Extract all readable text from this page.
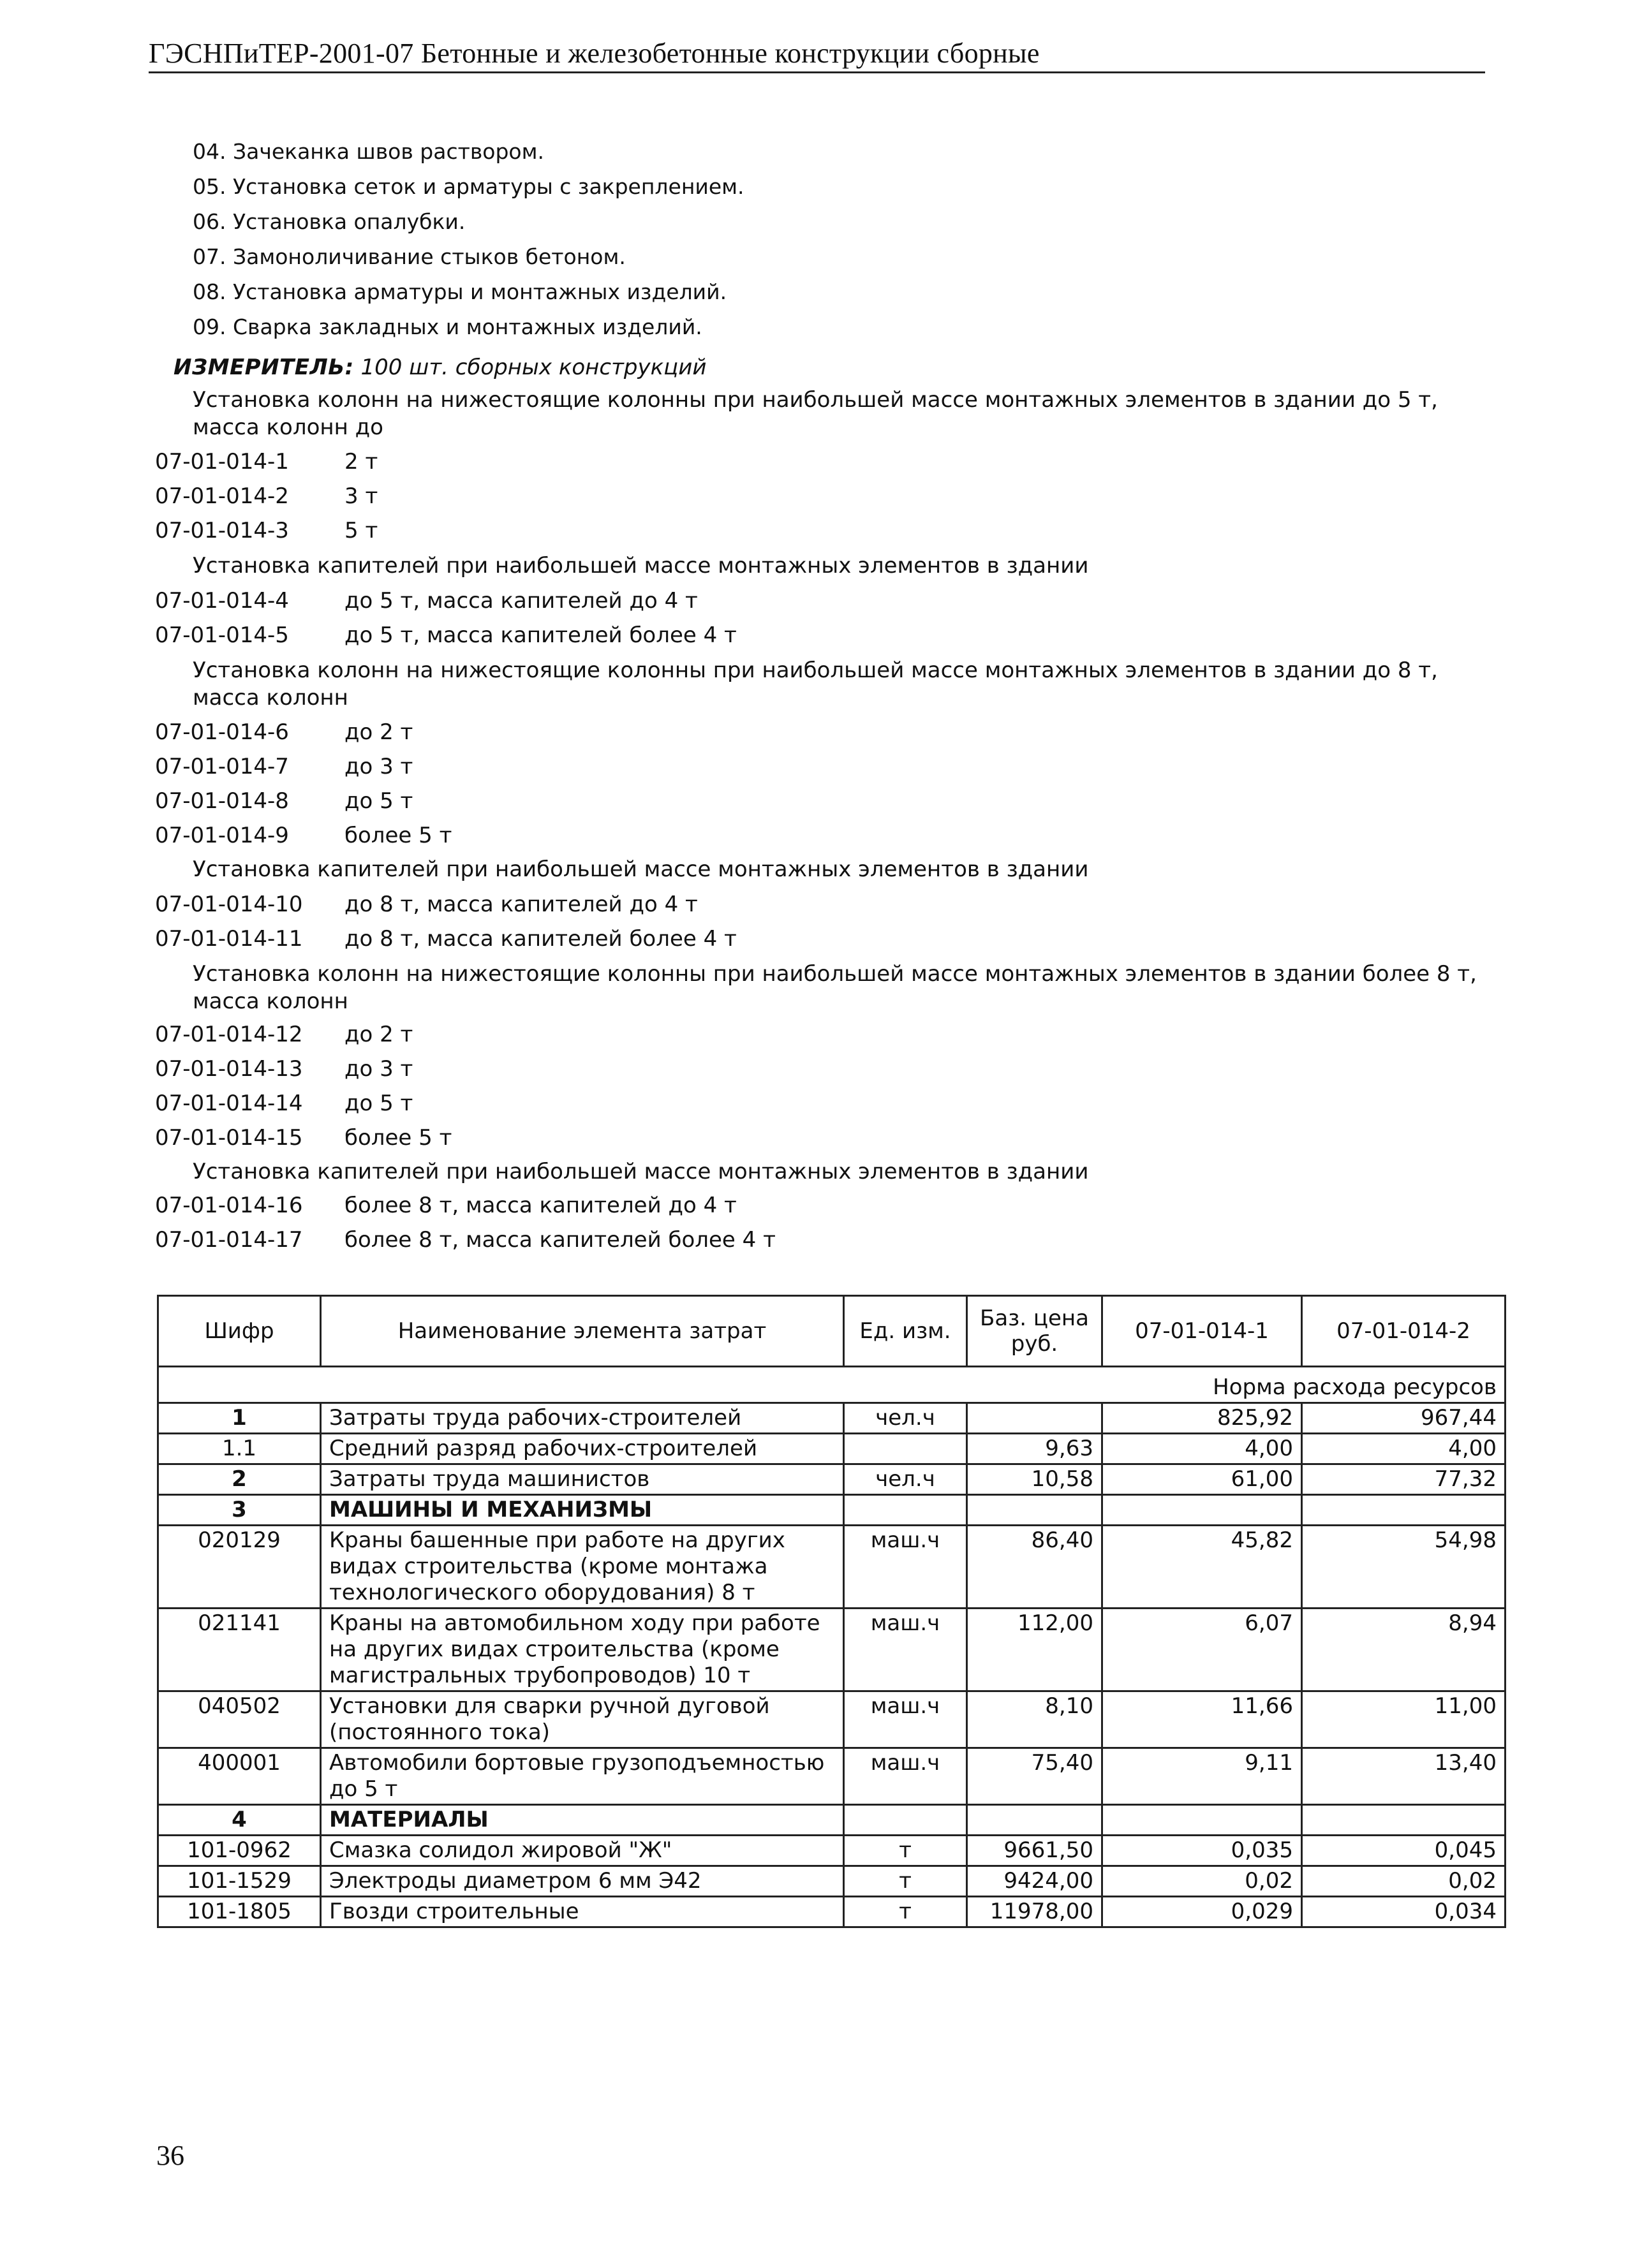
ГЭСНПиТЕР-2001-07 Бетонные и железобетонные конструкции сборные
04. Зачеканка швов раствором.
05. Установка сеток и арматуры с закреплением.
06. Установка опалубки.
07. Замоноличивание стыков бетоном.
08. Установка арматуры и монтажных изделий.
09. Сварка закладных и монтажных изделий.
ИЗМЕРИТЕЛЬ: 100 шт. сборных конструкций
Установка колонн на нижестоящие колонны при наибольшей массе монтажных элементов в здании до 5 т, масса колонн до
07-01-014-1	2 т
07-01-014-2	3 т
07-01-014-3	5 т
Установка капителей при наибольшей массе монтажных элементов в здании
07-01-014-4	до 5 т, масса капителей до 4 т
07-01-014-5	до 5 т, масса капителей более 4 т
Установка колонн на нижестоящие колонны при наибольшей массе монтажных элементов в здании до 8 т, масса колонн
07-01-014-6	до 2 т
07-01-014-7	до 3 т
07-01-014-8	до 5 т
07-01-014-9	более 5 т
Установка капителей при наибольшей массе монтажных элементов в здании
07-01-014-10 до 8 т, масса капителей до 4 т
07-01-014-11 до 8 т, масса капителей более 4 т
Установка колонн на нижестоящие колонны при наибольшей массе монтажных элементов в здании более 8 т, масса колонн
07-01-014-12 до 2 т
07-01-014-13 до 3 т
07-01-014-14 до 5 т
07-01-014-15 более 5 т
Установка капителей при наибольшей массе монтажных элементов в здании
07-01-014-16 более 8 т, масса капителей до 4 т
07-01-014-17 более 8 т, масса капителей более 4 т
Шифр	Наименование элемента затрат	Ед. изм.	Баз. цена руб.	07-01-014-1	07-01-014-2
Норма расхода ресурсов					
1	Затраты труда рабочих-строителей	чел.ч		825,92	967,44
1.1	Средний разряд рабочих-строителей		9,63	4,00	4,00
2	Затраты труда машинистов	чел.ч	10,58	61,00	77,32
3	МАШИНЫ И МЕХАНИЗМЫ				
020129	Краны башенные при работе на других видах строительства (кроме монтажа технологического оборудования) 8 т	маш.ч	86,40	45,82	54,98
021141	Краны на автомобильном ходу при работе на других видах строительства (кроме магистральных трубопроводов) 10 т	маш.ч	112,00	6,07	8,94
040502	Установки для сварки ручной дуговой (постоянного тока)	маш.ч	8,10	11,66	11,00
400001	Автомобили бортовые грузоподъемностью до 5 т	маш.ч	75,40	9,11	13,40
4	МАТЕРИАЛЫ				
101-0962	Смазка солидол жировой "Ж"	т	9661,50	0,035	0,045
101-1529	Электроды диаметром 6 мм Э42	т	9424,00	0,02	0,02
101-1805	Гвозди строительные	т	11978,00	0,029	0,034
36
